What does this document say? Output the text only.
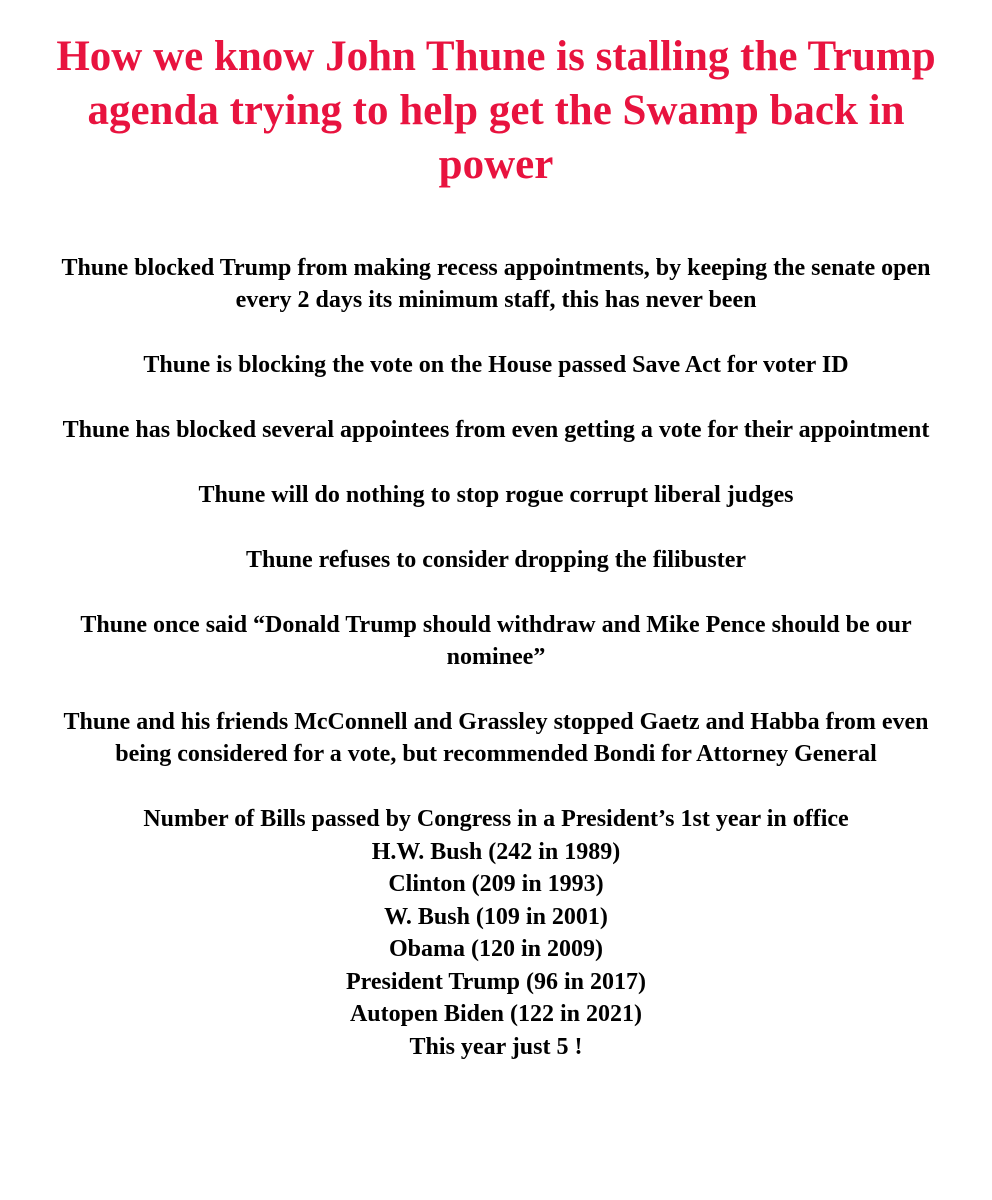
How we know John Thune is stalling the Trump agenda trying to help get the Swamp back in power

Thune blocked Trump from making recess appointments, by keeping the senate open every 2 days its minimum staff, this has never been

Thune is blocking the vote on the House passed Save Act for voter ID

Thune has blocked several appointees from even getting a vote for their appointment

Thune will do nothing to stop rogue corrupt liberal judges

Thune refuses to consider dropping the filibuster

Thune once said “Donald Trump should withdraw and Mike Pence should be our nominee”

Thune and his friends McConnell and Grassley stopped Gaetz and Habba from even being considered for a vote, but recommended Bondi for Attorney General

Number of Bills passed by Congress in a President’s 1st year in office
H.W. Bush (242 in 1989)
Clinton (209 in 1993)
W. Bush (109 in 2001)
Obama (120 in 2009)
President Trump (96 in 2017)
Autopen Biden (122 in 2021)
This year just 5 !
